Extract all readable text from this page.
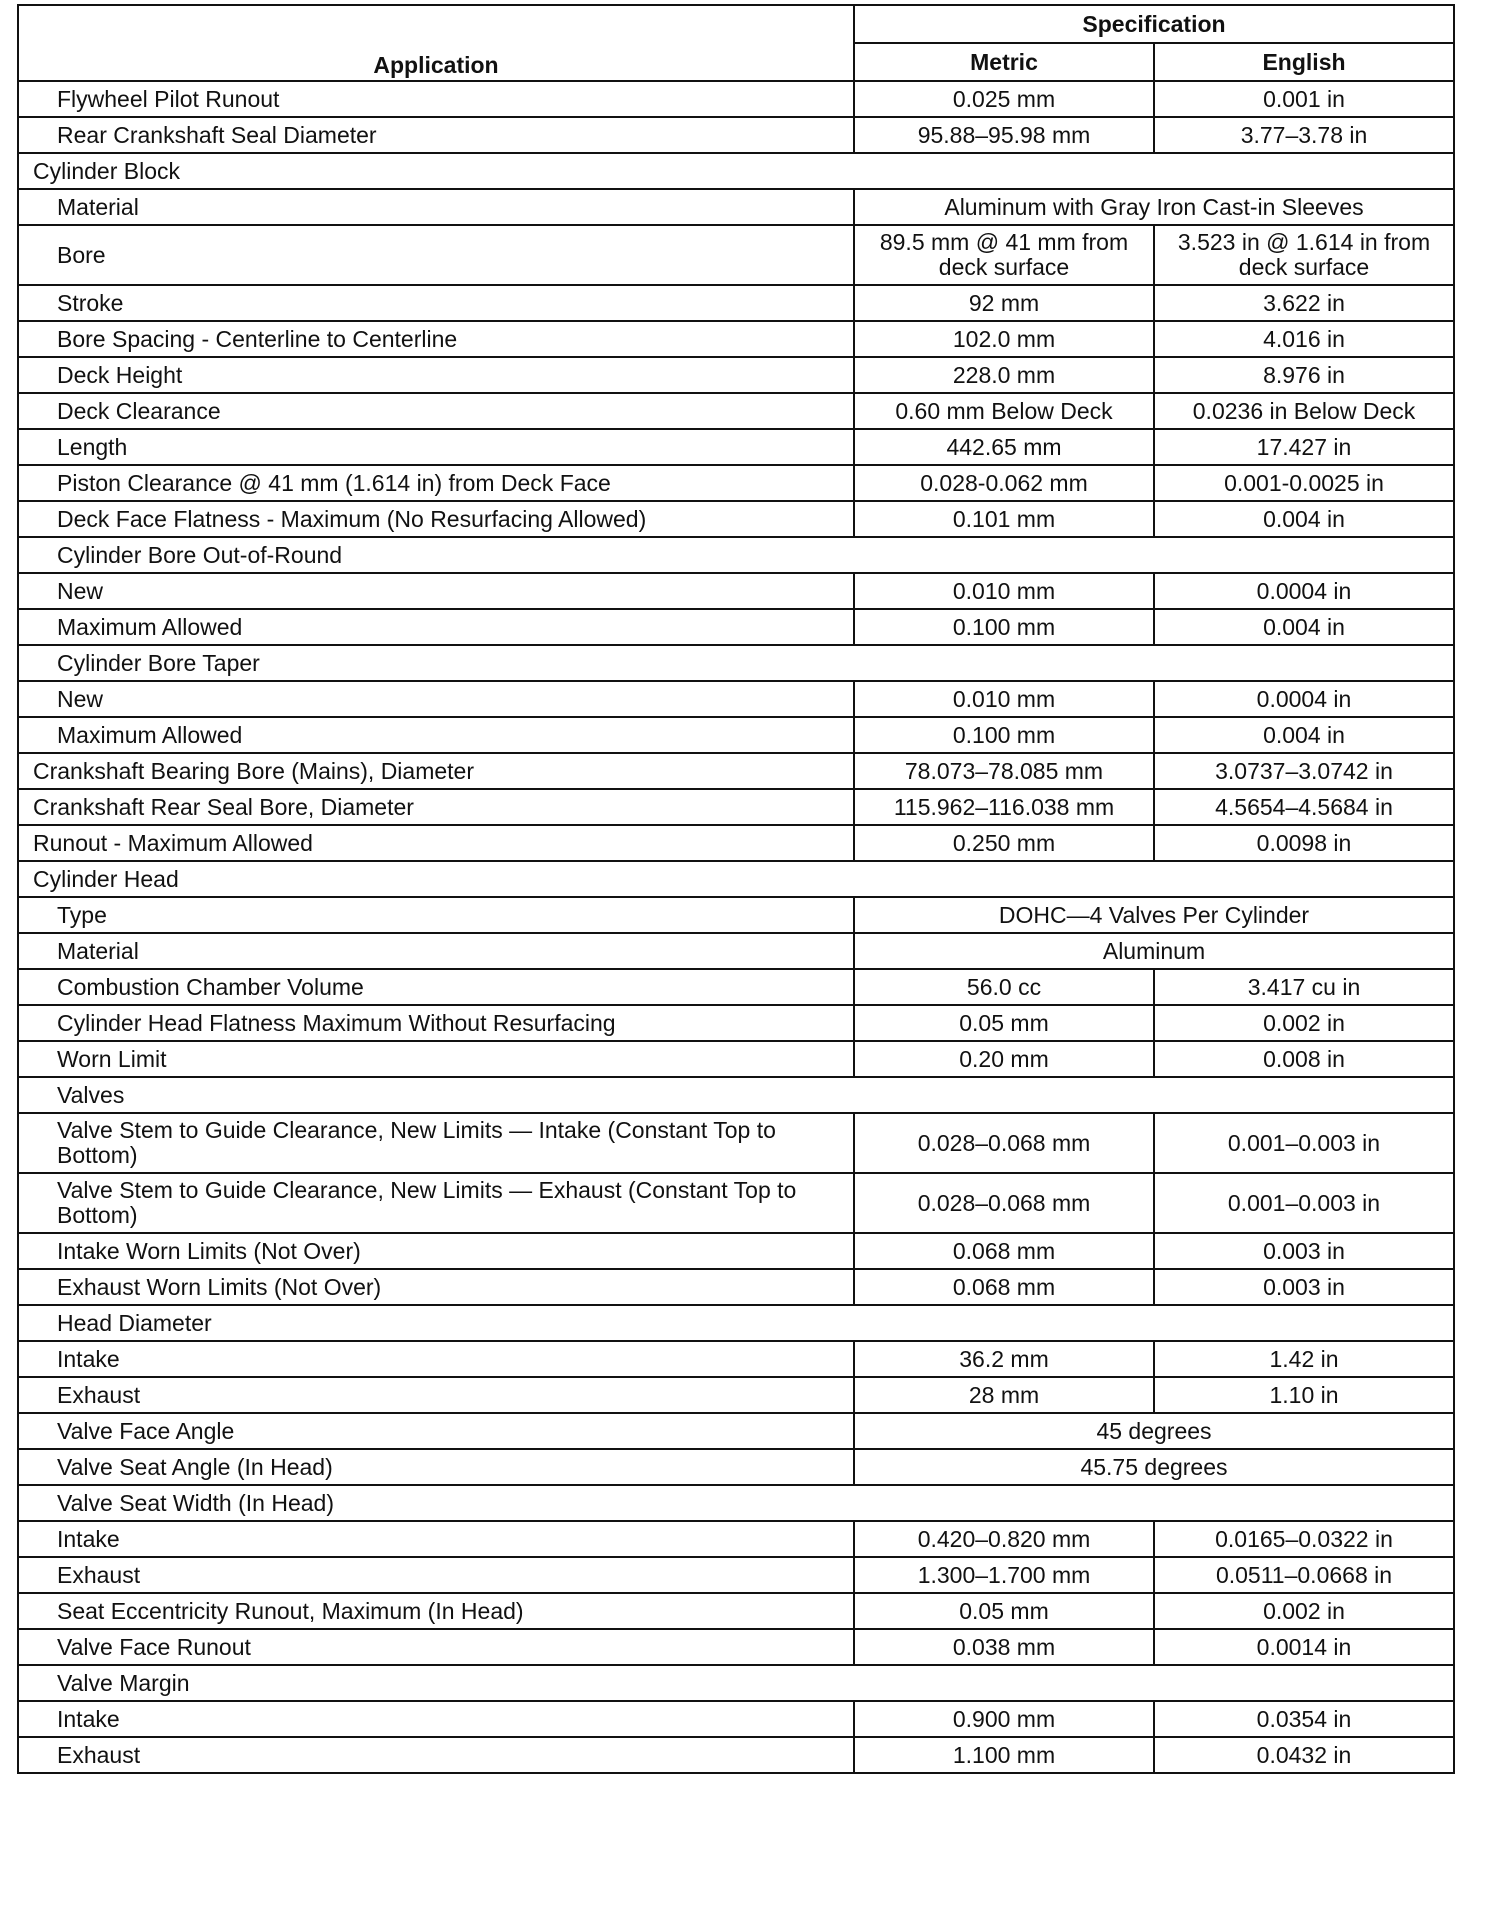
Application	Specification	
	Metric	English
Flywheel Pilot Runout	0.025 mm	0.001 in
Rear Crankshaft Seal Diameter	95.88–95.98 mm	3.77–3.78 in
Cylinder Block		
Material	Aluminum with Gray Iron Cast-in Sleeves	
Bore	89.5 mm @ 41 mm from deck surface	3.523 in @ 1.614 in from deck surface
Stroke	92 mm	3.622 in
Bore Spacing - Centerline to Centerline	102.0 mm	4.016 in
Deck Height	228.0 mm	8.976 in
Deck Clearance	0.60 mm Below Deck	0.0236 in Below Deck
Length	442.65 mm	17.427 in
Piston Clearance @ 41 mm (1.614 in) from Deck Face	0.028-0.062 mm	0.001-0.0025 in
Deck Face Flatness - Maximum (No Resurfacing Allowed)	0.101 mm	0.004 in
Cylinder Bore Out-of-Round		
New	0.010 mm	0.0004 in
Maximum Allowed	0.100 mm	0.004 in
Cylinder Bore Taper		
New	0.010 mm	0.0004 in
Maximum Allowed	0.100 mm	0.004 in
Crankshaft Bearing Bore (Mains), Diameter	78.073–78.085 mm	3.0737–3.0742 in
Crankshaft Rear Seal Bore, Diameter	115.962–116.038 mm	4.5654–4.5684 in
Runout - Maximum Allowed	0.250 mm	0.0098 in
Cylinder Head		
Type	DOHC—4 Valves Per Cylinder	
Material	Aluminum	
Combustion Chamber Volume	56.0 cc	3.417 cu in
Cylinder Head Flatness Maximum Without Resurfacing	0.05 mm	0.002 in
Worn Limit	0.20 mm	0.008 in
Valves		
Valve Stem to Guide Clearance, New Limits — Intake (Constant Top to Bottom)	0.028–0.068 mm	0.001–0.003 in
Valve Stem to Guide Clearance, New Limits — Exhaust (Constant Top to Bottom)	0.028–0.068 mm	0.001–0.003 in
Intake Worn Limits (Not Over)	0.068 mm	0.003 in
Exhaust Worn Limits (Not Over)	0.068 mm	0.003 in
Head Diameter		
Intake	36.2 mm	1.42 in
Exhaust	28 mm	1.10 in
Valve Face Angle	45 degrees	
Valve Seat Angle (In Head)	45.75 degrees	
Valve Seat Width (In Head)		
Intake	0.420–0.820 mm	0.0165–0.0322 in
Exhaust	1.300–1.700 mm	0.0511–0.0668 in
Seat Eccentricity Runout, Maximum (In Head)	0.05 mm	0.002 in
Valve Face Runout	0.038 mm	0.0014 in
Valve Margin		
Intake	0.900 mm	0.0354 in
Exhaust	1.100 mm	0.0432 in
